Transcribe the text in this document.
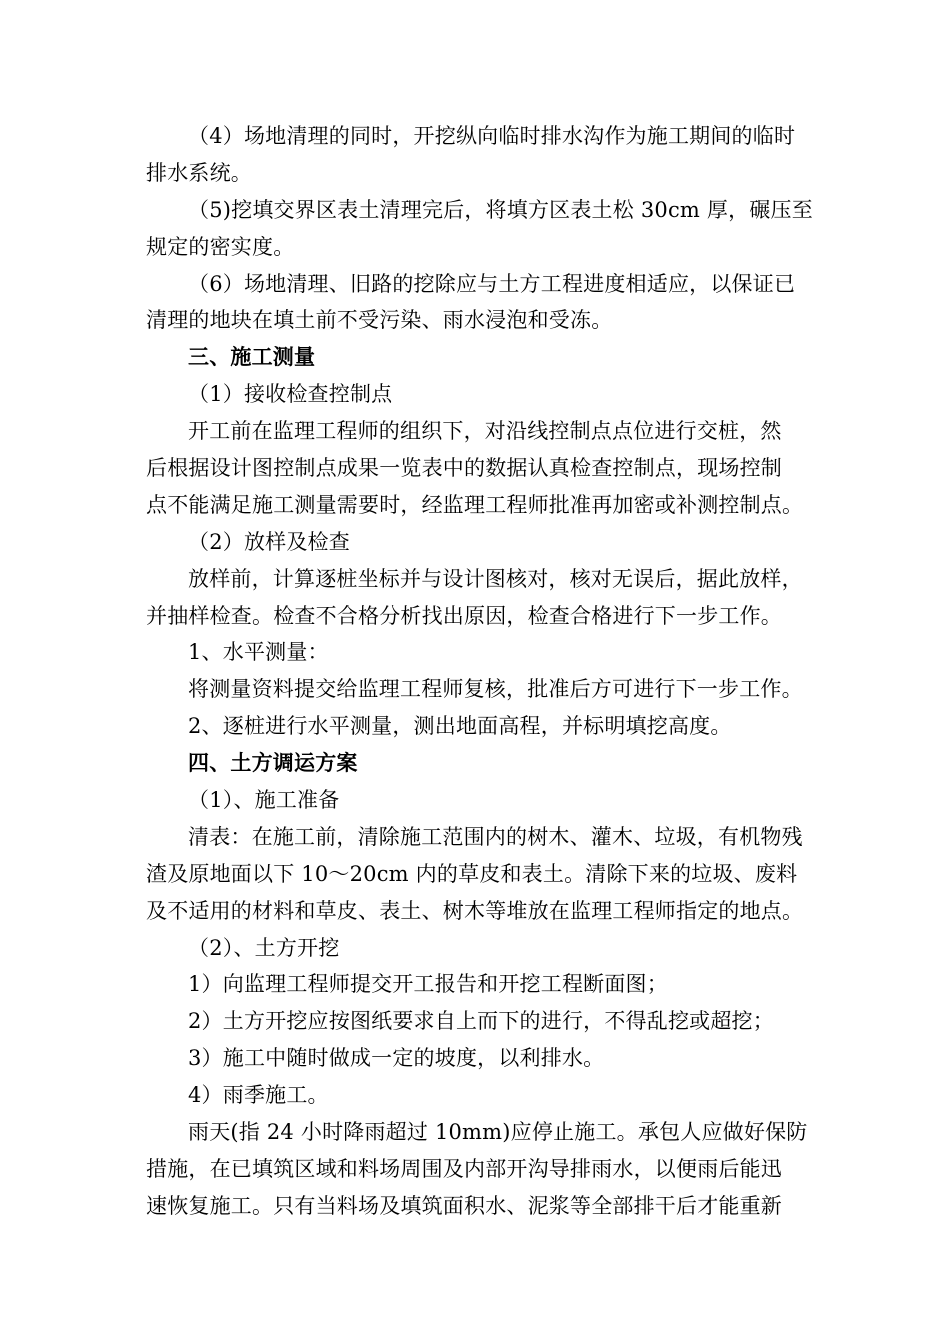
（4）场地清理的同时，开挖纵向临时排水沟作为施工期间的临时
排水系统。
（5)挖填交界区表土清理完后，将填方区表土松 30cm 厚，碾压至
规定的密实度。
（6）场地清理、旧路的挖除应与土方工程进度相适应，以保证已
清理的地块在填土前不受污染、雨水浸泡和受冻。
三、施工测量
（1）接收检查控制点
开工前在监理工程师的组织下，对沿线控制点点位进行交桩，然
后根据设计图控制点成果一览表中的数据认真检查控制点，现场控制
点不能满足施工测量需要时，经监理工程师批准再加密或补测控制点。
（2）放样及检查
放样前，计算逐桩坐标并与设计图核对，核对无误后，据此放样，
并抽样检查。检查不合格分析找出原因，检查合格进行下一步工作。
1、水平测量：
将测量资料提交给监理工程师复核，批准后方可进行下一步工作。
2、逐桩进行水平测量，测出地面高程，并标明填挖高度。
四、土方调运方案
（1）、施工准备
清表：在施工前，清除施工范围内的树木、灌木、垃圾，有机物残
渣及原地面以下 10～20cm 内的草皮和表土。清除下来的垃圾、废料
及不适用的材料和草皮、表土、树木等堆放在监理工程师指定的地点。
（2）、土方开挖
1）向监理工程师提交开工报告和开挖工程断面图；
2）土方开挖应按图纸要求自上而下的进行，不得乱挖或超挖；
3）施工中随时做成一定的坡度，以利排水。
4）雨季施工。
雨天(指 24 小时降雨超过 10mm)应停止施工。承包人应做好保防
措施，在已填筑区域和料场周围及内部开沟导排雨水，以便雨后能迅
速恢复施工。只有当料场及填筑面积水、泥浆等全部排干后才能重新
